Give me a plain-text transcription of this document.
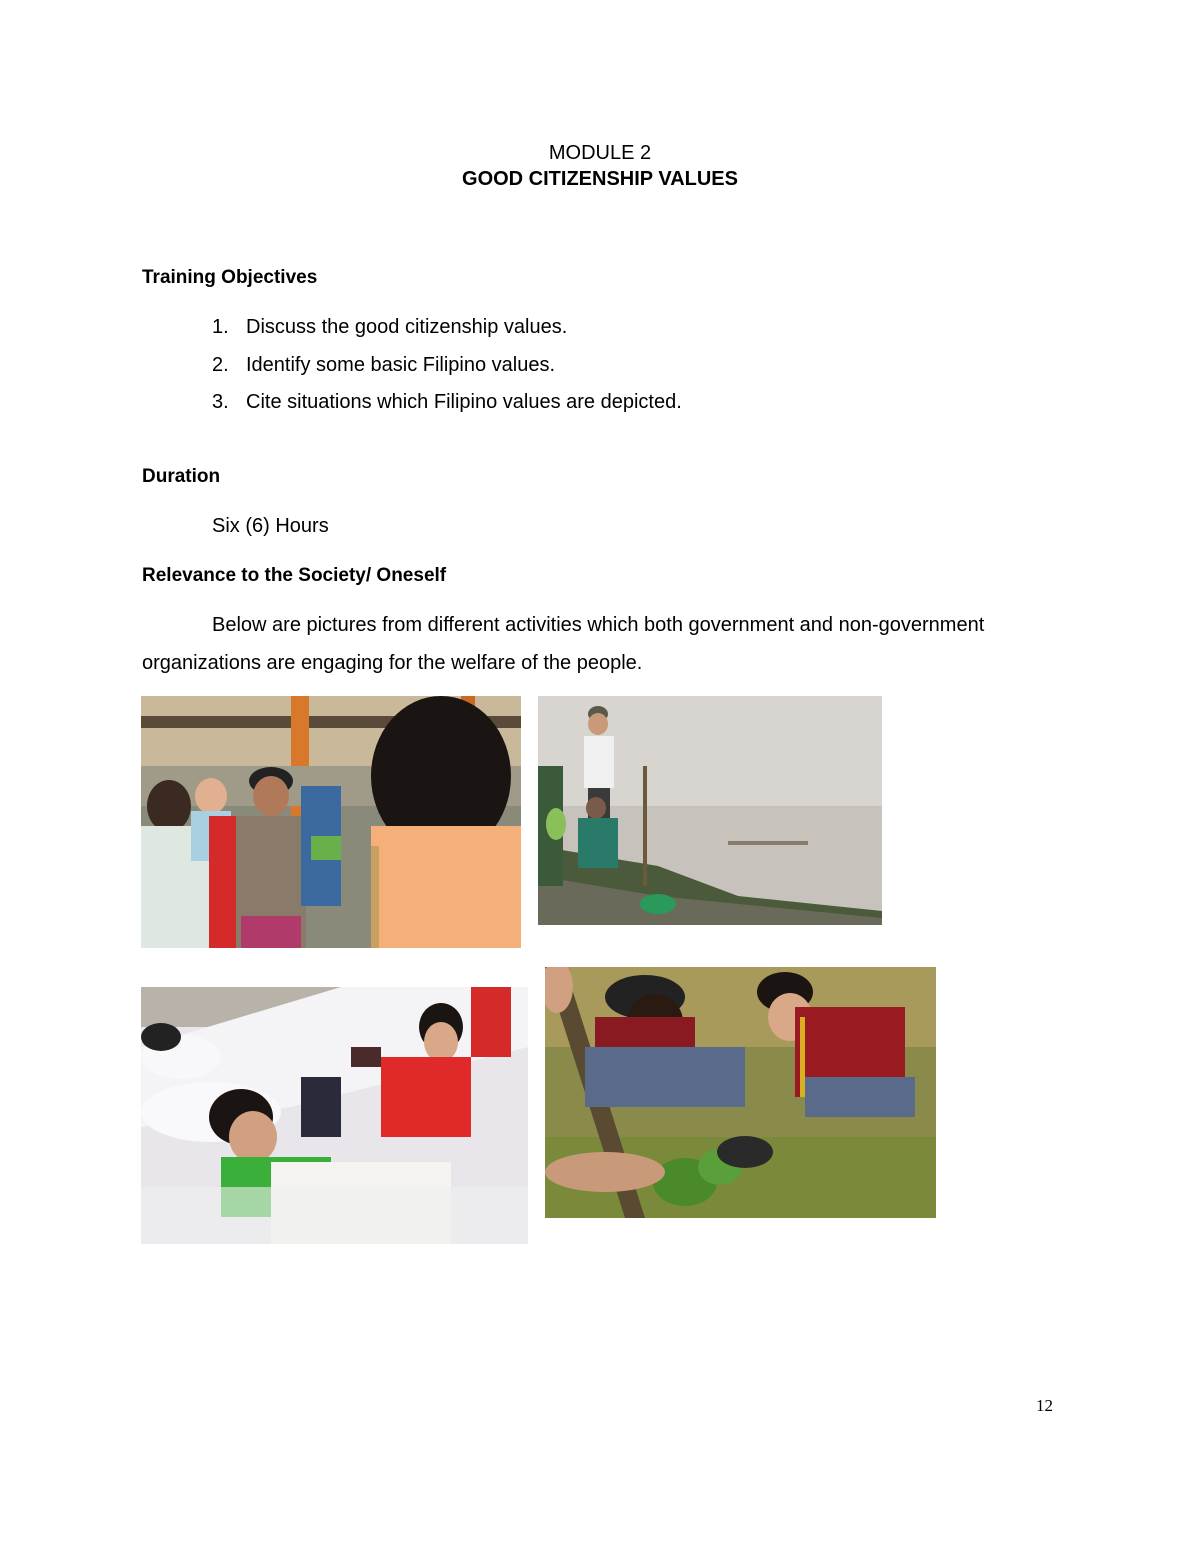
MODULE 2
GOOD CITIZENSHIP VALUES
Training Objectives
1. Discuss the good citizenship values.
2. Identify some basic Filipino values.
3. Cite situations which Filipino values are depicted.
Duration
Six (6) Hours
Relevance to the Society/ Oneself
Below are pictures from different activities which both government and non-government
organizations are engaging for the welfare of the people.
12
